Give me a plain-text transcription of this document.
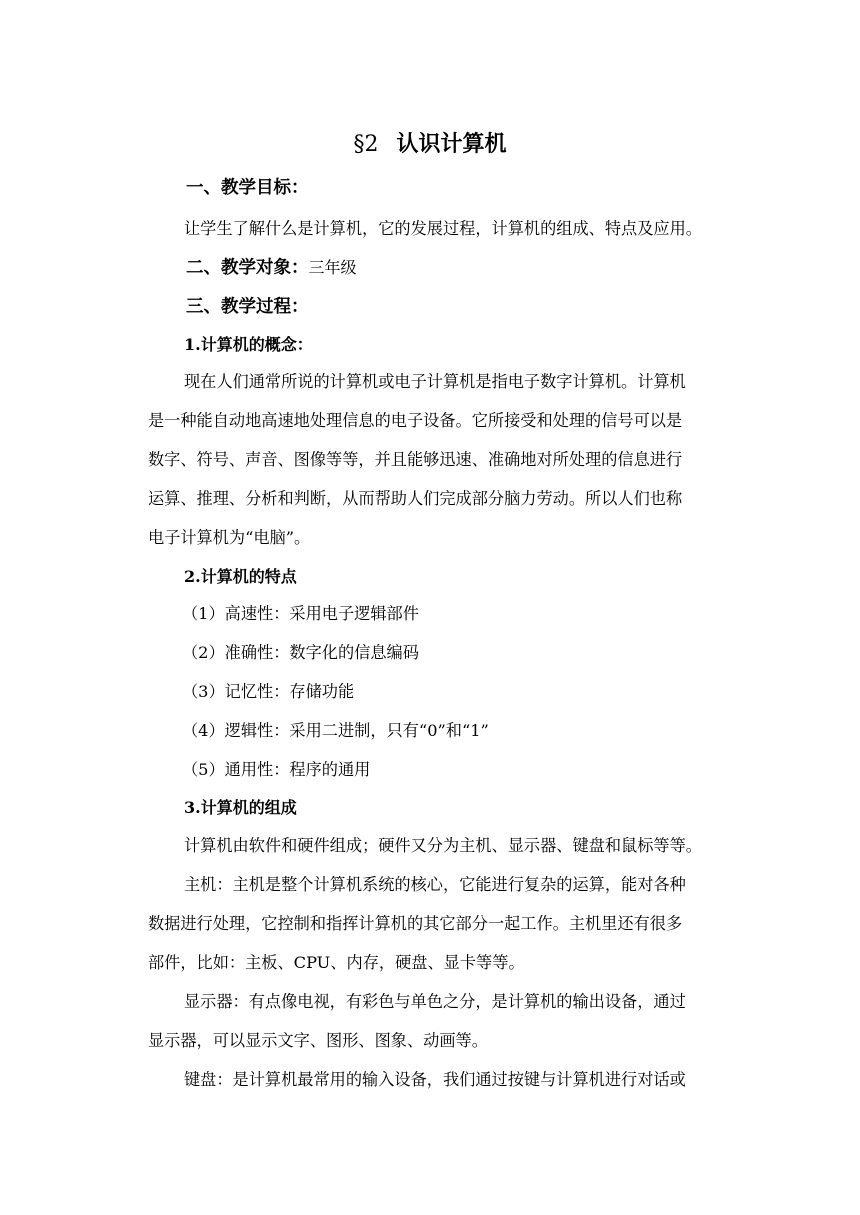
§2 认识计算机
一、教学目标：
让学生了解什么是计算机，它的发展过程，计算机的组成、特点及应用。
二、教学对象：三年级
三、教学过程：
1.计算机的概念：
现在人们通常所说的计算机或电子计算机是指电子数字计算机。计算机
是一种能自动地高速地处理信息的电子设备。它所接受和处理的信号可以是
数字、符号、声音、图像等等，并且能够迅速、准确地对所处理的信息进行
运算、推理、分析和判断，从而帮助人们完成部分脑力劳动。所以人们也称
电子计算机为“电脑”。
2.计算机的特点
（1）高速性：采用电子逻辑部件
（2）准确性：数字化的信息编码
（3）记忆性：存储功能
（4）逻辑性：采用二进制，只有“0”和“1”
（5）通用性：程序的通用
3.计算机的组成
计算机由软件和硬件组成；硬件又分为主机、显示器、键盘和鼠标等等。
主机：主机是整个计算机系统的核心，它能进行复杂的运算，能对各种
数据进行处理，它控制和指挥计算机的其它部分一起工作。主机里还有很多
部件，比如：主板、CPU、内存，硬盘、显卡等等。
显示器：有点像电视，有彩色与单色之分，是计算机的输出设备，通过
显示器，可以显示文字、图形、图象、动画等。
键盘：是计算机最常用的输入设备，我们通过按键与计算机进行对话或
